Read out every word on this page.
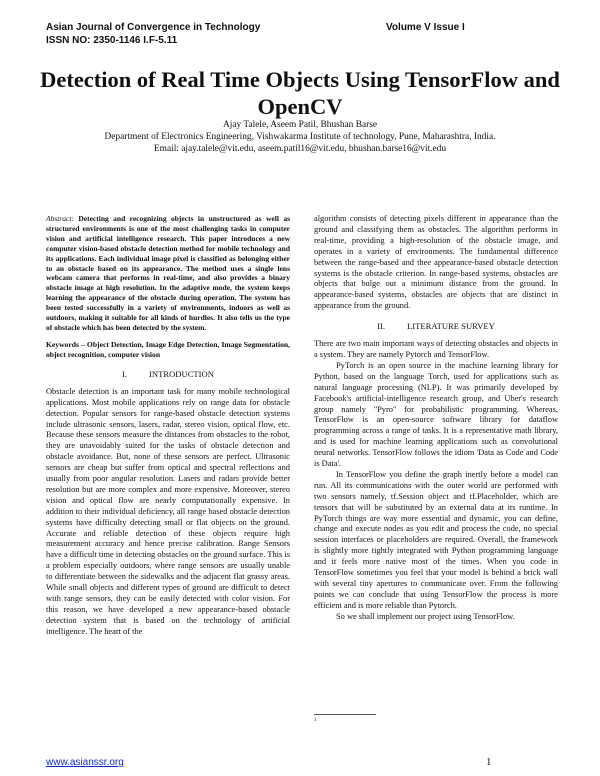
Asian Journal of Convergence in Technology	Volume V Issue I
ISSN NO: 2350-1146 I.F-5.11
Detection of Real Time Objects Using TensorFlow and OpenCV

Ajay Talele, Aseem Patil, Bhushan Barse

Department of Electronics Engineering, Vishwakarma Institute of technology, Pune, Maharashtra, India.

Email: ajay.talele@vit.edu, aseem.patil16@vit.edu, bhushan.barse16@vit.edu

Abstract: Detecting and recognizing objects in unstructured as well as structured environments is one of the most challenging tasks in computer vision and artificial intelligence research. This paper introduces a new computer vision-based obstacle detection method for mobile technology and its applications. Each individual image pixel is classified as belonging either to an obstacle based on its appearance. The method uses a single lens webcam camera that performs in real-time, and also provides a binary obstacle image at high resolution. In the adaptive mode, the system keeps learning the appearance of the obstacle during operation. The system has been tested successfully in a variety of environments, indoors as well as outdoors, making it suitable for all kinds of hurdles. It also tells us the type of obstacle which has been detected by the system.

Keywords – Object Detection, Image Edge Detection, Image Segmentation, object recognition, computer vision

I.	INTRODUCTION

Obstacle detection is an important task for many mobile technological applications. Most mobile applications rely on range data for obstacle detection. Popular sensors for range-based obstacle detection systems include ultrasonic sensors, lasers, radar, stereo vision, optical flow, etc. Because these sensors measure the distances from obstacles to the robot, they are unavoidably suited for the tasks of obstacle detection and obstacle avoidance. But, none of these sensors are perfect. Ultrasonic sensors are cheap but suffer from optical and spectral reflections and usually from poor angular resolution. Lasers and radars provide better resolution but are more complex and more expensive. Moreover, stereo vision and optical flow are nearly computationally expensive. In addition to their individual deficiency, all range based obstacle detection systems have difficulty detecting small or flat objects on the ground. Accurate and reliable detection of these objects require high measurement accuracy and hence precise calibration. Range Sensors have a difficult time in detecting obstacles on the ground surface. This is a problem especially outdoors, where range sensors are usually unable to differentiate between the sidewalks and the adjacent flat grassy areas. While small objects and different types of ground are difficult to detect with range sensors, they can be easily detected with color vision. For this reason, we have developed a new appearance-based obstacle detection system that is based on the technology of artificial intelligence. The heart of the

algorithm consists of detecting pixels different in appearance than the ground and classifying them as obstacles. The algorithm performs in real-time, providing a high-resolution of the obstacle image, and operates in a variety of environments. The fundamental difference between the range-based and thee appearance-based obstacle detection systems is the obstacle criterion. In range-based systems, obstacles are objects that bulge out a minimum distance from the ground. In appearance-based systems, obstacles are objects that are distinct in appearance from the ground.

II.	LITERATURE SURVEY

There are two main important ways of detecting obstacles and objects in a system. They are namely Pytorch and TensorFlow.

PyTorch is an open source in the machine learning library for Python, based on the language Torch, used for applications such as natural language processing (NLP). It was primarily developed by Facebook's artificial-intelligence research group, and Uber's research group namely "Pyro" for probabilistic programming. Whereas, TensorFlow is an open-source software library for dataflow programming across a range of tasks. It is a representative math library, and is used for machine learning applications such as convolutional neural networks. TensorFlow follows the idiom 'Data as Code and Code is Data'.

In TensorFlow you define the graph inertly before a model can run. All its communications with the outer world are performed with two sensors namely, tf.Session object and tf.Placeholder, which are tensors that will be substituted by an external data at its runtime. In PyTorch things are way more essential and dynamic, you can define, change and execute nodes as you edit and process the code, no special session interfaces or placeholders are required. Overall, the framework is slightly more tightly integrated with Python programming language and it feels more native most of the times. When you code in TensorFlow sometimes you feel that your model is behind a brick wall with several tiny apertures to communicate over. From the following points we can conclude that using TensorFlow the process is more efficient and is more reliable than Pytorch.

So we shall implement our project using TensorFlow.

1
www.asianssr.org	1
